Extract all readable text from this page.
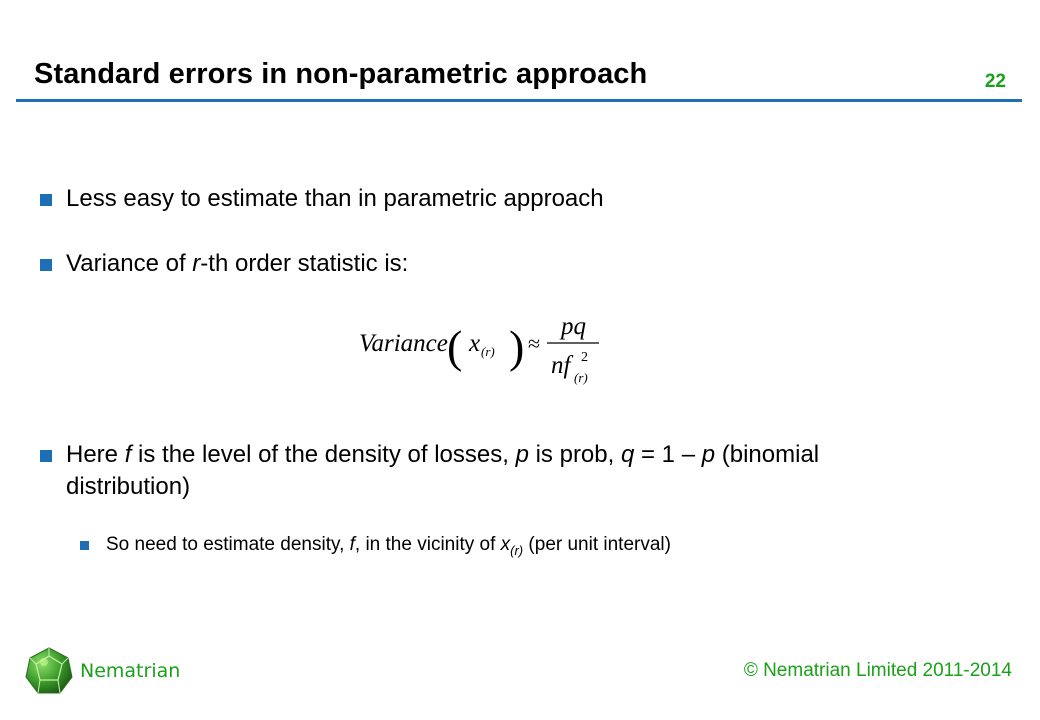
Standard errors in non-parametric approach	22
Less easy to estimate than in parametric approach
Variance of r-th order statistic is:
Variance ( x (r) ) ≈
pq
nf 2
(r)
Here f is the level of the density of losses, p is prob, q = 1 – p (binomial
distribution)
So need to estimate density, f, in the vicinity of $x_{(r)}$ (per unit interval)
Nematrian	© Nematrian Limited 2011-2014
